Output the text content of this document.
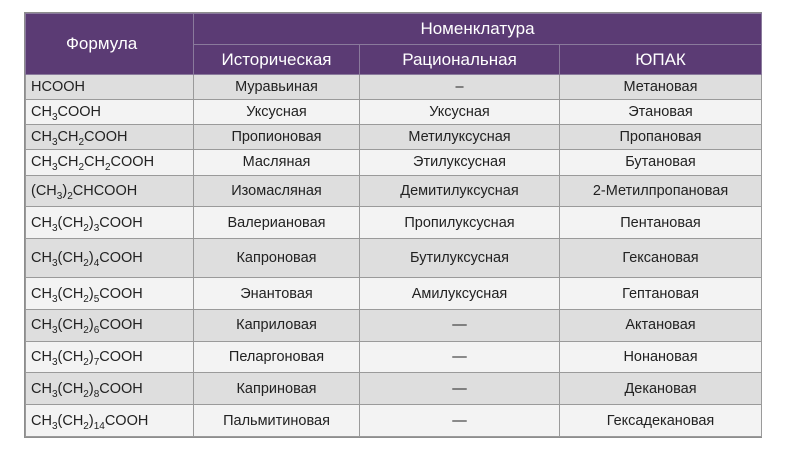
Формула	Номенклатура		
	Историческая	Рациональная	ЮПАК
HCOOH	Муравьиная	–	Метановая
$CH_3COOH$	Уксусная	Уксусная	Этановая
$CH_3CH_2COOH$	Пропионовая	Метилуксусная	Пропановая
$CH_3CH_2CH_2COOH$	Масляная	Этилуксусная	Бутановая
$(CH_3)_2CHCOOH$	Изомасляная	Демитилуксусная	2-Метилпропановая
$CH_3(CH_2)_3COOH$	Валериановая	Пропилуксусная	Пентановая
$CH_3(CH_2)_4COOH$	Капроновая	Бутилуксусная	Гексановая
$CH_3(CH_2)_5COOH$	Энантовая	Амилуксусная	Гептановая
$CH_3(CH_2)_6COOH$	Каприловая	—	Актановая
$CH_3(CH_2)_7COOH$	Пеларгоновая	—	Нонановая
$CH_3(CH_2)_8COOH$	Каприновая	—	Декановая
$CH_3(CH_2)_{14}COOH$	Пальмитиновая	—	Гексадекановая
